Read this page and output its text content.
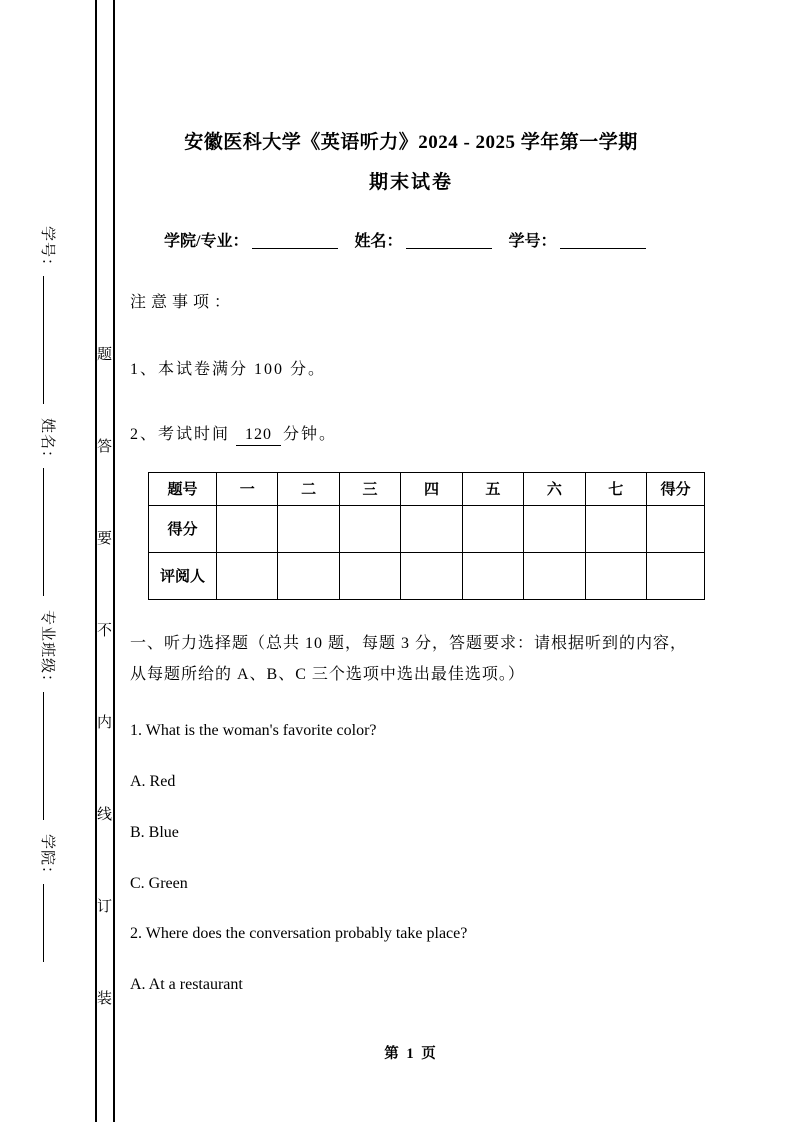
题
答
要
不
内
线
订
装
学号：姓名：专业班级：学院：
安徽医科大学《英语听力》2024 - 2025 学年第一学期
期末试卷
学院/专业：	姓名：	学号：
注意事项：
1、本试卷满分 100 分。
2、考试时间 120 分钟。
题号	一	二	三	四	五	六	七	得分
得分								
评阅人								
一、听力选择题（总共 10 题，每题 3 分，答题要求：请根据听到的内容，从每题所给的 A、B、C 三个选项中选出最佳选项。）
1. What is the woman's favorite color?
A. Red
B. Blue
C. Green
2. Where does the conversation probably take place?
A. At a restaurant
第 1 页
